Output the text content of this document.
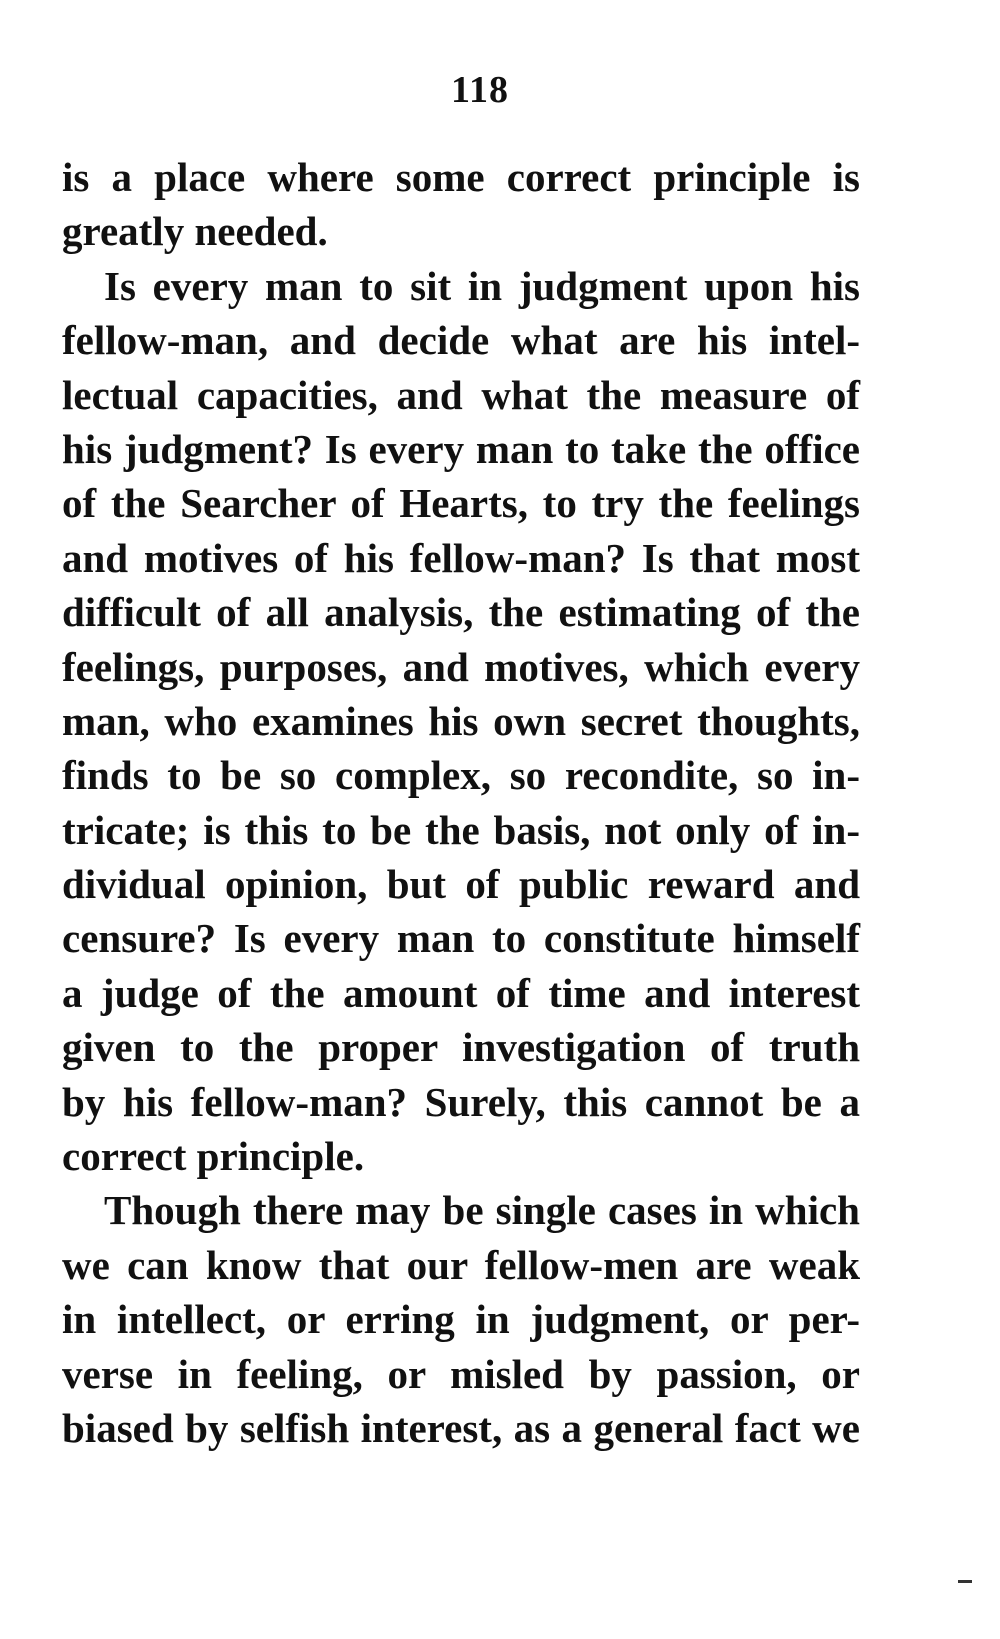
118
is a place where some correct principle is
greatly needed.
Is every man to sit in judgment upon his
fellow-man, and decide what are his intel-
lectual capacities, and what the measure of
his judgment? Is every man to take the office
of the Searcher of Hearts, to try the feelings
and motives of his fellow-man? Is that most
difficult of all analysis, the estimating of the
feelings, purposes, and motives, which every
man, who examines his own secret thoughts,
finds to be so complex, so recondite, so in-
tricate; is this to be the basis, not only of in-
dividual opinion, but of public reward and
censure? Is every man to constitute himself
a judge of the amount of time and interest
given to the proper investigation of truth
by his fellow-man? Surely, this cannot be a
correct principle.
Though there may be single cases in which
we can know that our fellow-men are weak
in intellect, or erring in judgment, or per-
verse in feeling, or misled by passion, or
biased by selfish interest, as a general fact we
